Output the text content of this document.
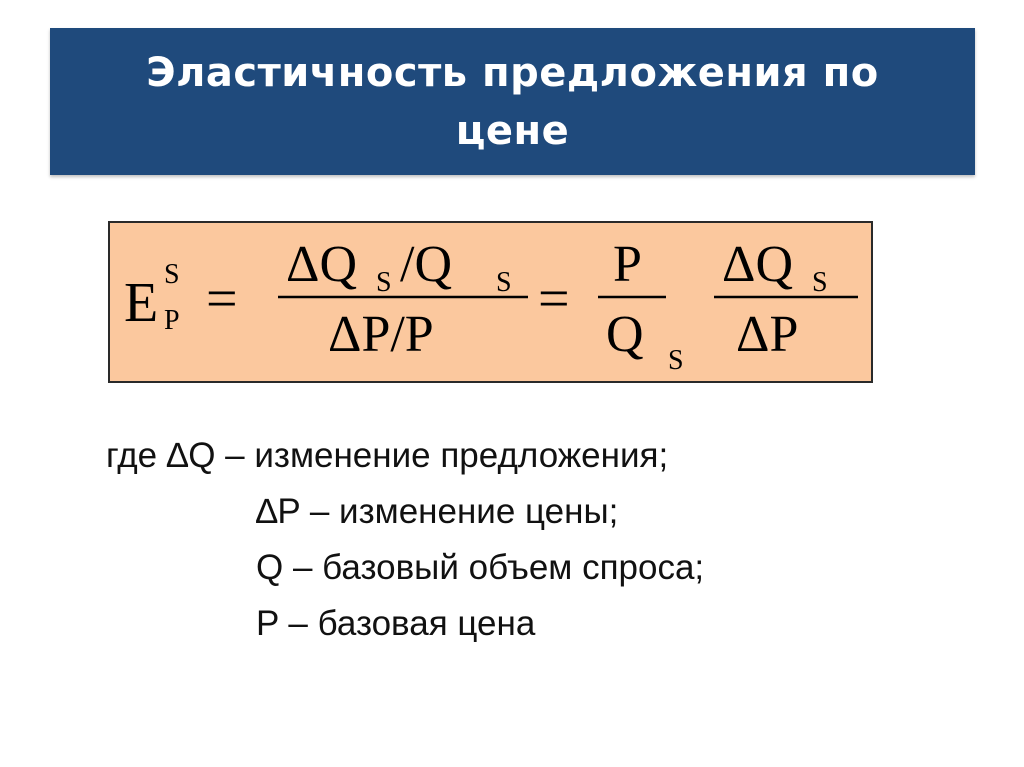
Эластичность предложения по
цене
E S
P =
ΔQ S /Q S
ΔP/P
=
P
Q S
ΔQ S
ΔP
где ∆Q – изменение предложения;
∆P – изменение цены;
Q – базовый объем спроса;
P – базовая цена
